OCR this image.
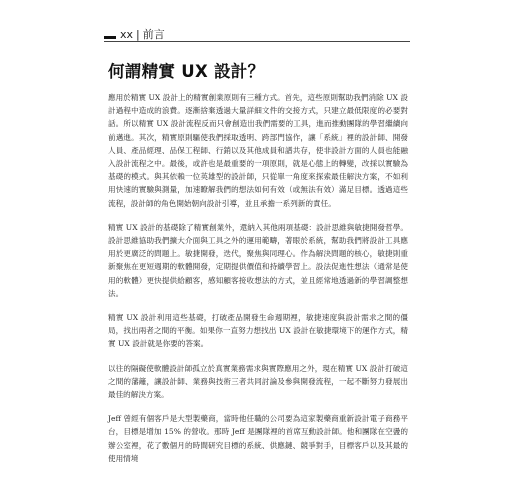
xx | 前言
何謂精實 UX 設計？

應用於精實 UX 設計上的精實創業原則有三種方式。首先，這些原則幫助我們消除 UX 設計過程中造成的浪費。逐漸捨棄透過大量詳細文件的交接方式，只建立最低限度的必要對話。所以精實 UX 設計流程反而只會創造出我們需要的工具，進而推動團隊的學習繼續向前邁進。其次，精實原則驅使我們採取透明、跨部門協作，讓「系統」裡的設計師、開發人員、產品經理、品保工程師、行銷以及其他成員和譜共存，使非設計方面的人員也能融入設計流程之中。最後，或許也是最重要的一項原則，就是心態上的轉變，改採以實驗為基礎的模式。與其依賴一位英雄型的設計師，只從單一角度來探索最佳解決方案，不如利用快速的實驗與測量，加速瞭解我們的想法如何有效（或無法有效）滿足目標。透過這些流程，設計師的角色開始朝向設計引導，並且承擔一系列新的責任。

精實 UX 設計的基礎除了精實創業外，還納入其他兩項基礎：設計思維與敏捷開發哲學。設計思維協助我們擴大介面與工具之外的運用範疇，著眼於系統，幫助我們將設計工具應用於更廣泛的問題上。敏捷開發，迭代，聚焦與同理心。作為解決問題的核心，敏捷則重新聚焦在更短週期的軟體開發，定期提供價值和持續學習上。設法促進性想法（通常是使用的軟體）更快提供給顧客，感知顧客接收想法的方式，並且經常地透過新的學習調整想法。

精實 UX 設計利用這些基礎，打破產品開發生命週期裡，敏捷速度與設計需求之間的僵局，找出兩者之間的平衡。如果你一直努力想找出 UX 設計在敏捷環境下的運作方式，精實 UX 設計就是你要的答案。

以往的隔礙使軟體設計師孤立於真實業務需求與實際應用之外，現在精實 UX 設計打破這之間的藩籬，讓設計師、業務與技術三者共同討論及參與開發流程，一起不斷努力發展出最佳的解決方案。

Jeff 曾經有個客戶是大型製藥商，當時他任職的公司要為這家製藥商重新設計電子商務平台，目標是增加 15% 的營收。那時 Jeff 是團隊裡的首席互動設計師。他和團隊在空盪的辦公室裡，花了數個月的時間研究目標的系統、供應鏈、競爭對手，目標客戶以及其最的使用情境
